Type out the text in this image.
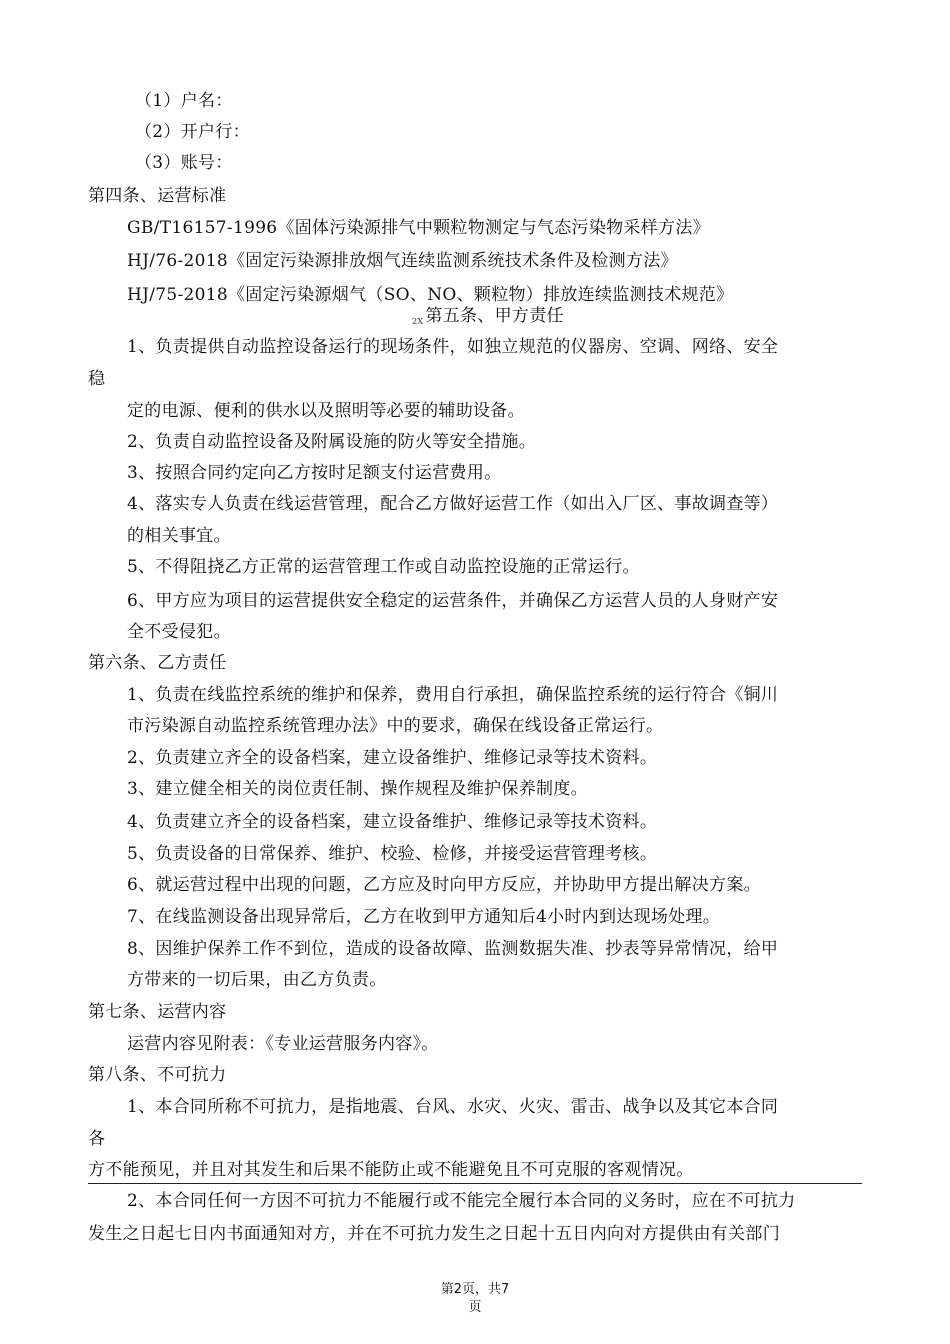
（1）户名：
（2）开户行：
（3）账号：
第四条、运营标准
GB/T16157-1996《固体污染源排气中颗粒物测定与气态污染物采样方法》
HJ/76-2018《固定污染源排放烟气连续监测系统技术条件及检测方法》
HJ/75-2018《固定污染源烟气（SO、NO、颗粒物）排放连续监测技术规范》
2X 第五条、甲方责任
1、负责提供自动监控设备运行的现场条件，如独立规范的仪器房、空调、网络、安全
稳
定的电源、便利的供水以及照明等必要的辅助设备。
2、负责自动监控设备及附属设施的防火等安全措施。
3、按照合同约定向乙方按时足额支付运营费用。
4、落实专人负责在线运营管理，配合乙方做好运营工作（如出入厂区、事故调查等）
的相关事宜。
5、不得阻挠乙方正常的运营管理工作或自动监控设施的正常运行。
6、甲方应为项目的运营提供安全稳定的运营条件，并确保乙方运营人员的人身财产安
全不受侵犯。
第六条、乙方责任
1、负责在线监控系统的维护和保养，费用自行承担，确保监控系统的运行符合《铜川
市污染源自动监控系统管理办法》中的要求，确保在线设备正常运行。
2、负责建立齐全的设备档案，建立设备维护、维修记录等技术资料。
3、建立健全相关的岗位责任制、操作规程及维护保养制度。
4、负责建立齐全的设备档案，建立设备维护、维修记录等技术资料。
5、负责设备的日常保养、维护、校验、检修，并接受运营管理考核。
6、就运营过程中出现的问题，乙方应及时向甲方反应，并协助甲方提出解决方案。
7、在线监测设备出现异常后，乙方在收到甲方通知后4小时内到达现场处理。
8、因维护保养工作不到位，造成的设备故障、监测数据失准、抄表等异常情况，给甲
方带来的一切后果，由乙方负责。
第七条、运营内容
运营内容见附表：《专业运营服务内容》。
第八条、不可抗力
1、本合同所称不可抗力，是指地震、台风、水灾、火灾、雷击、战争以及其它本合同
各
方不能预见，并且对其发生和后果不能防止或不能避免且不可克服的客观情况。
2、本合同任何一方因不可抗力不能履行或不能完全履行本合同的义务时，应在不可抗力
发生之日起七日内书面通知对方，并在不可抗力发生之日起十五日内向对方提供由有关部门
第2页，共7
页
